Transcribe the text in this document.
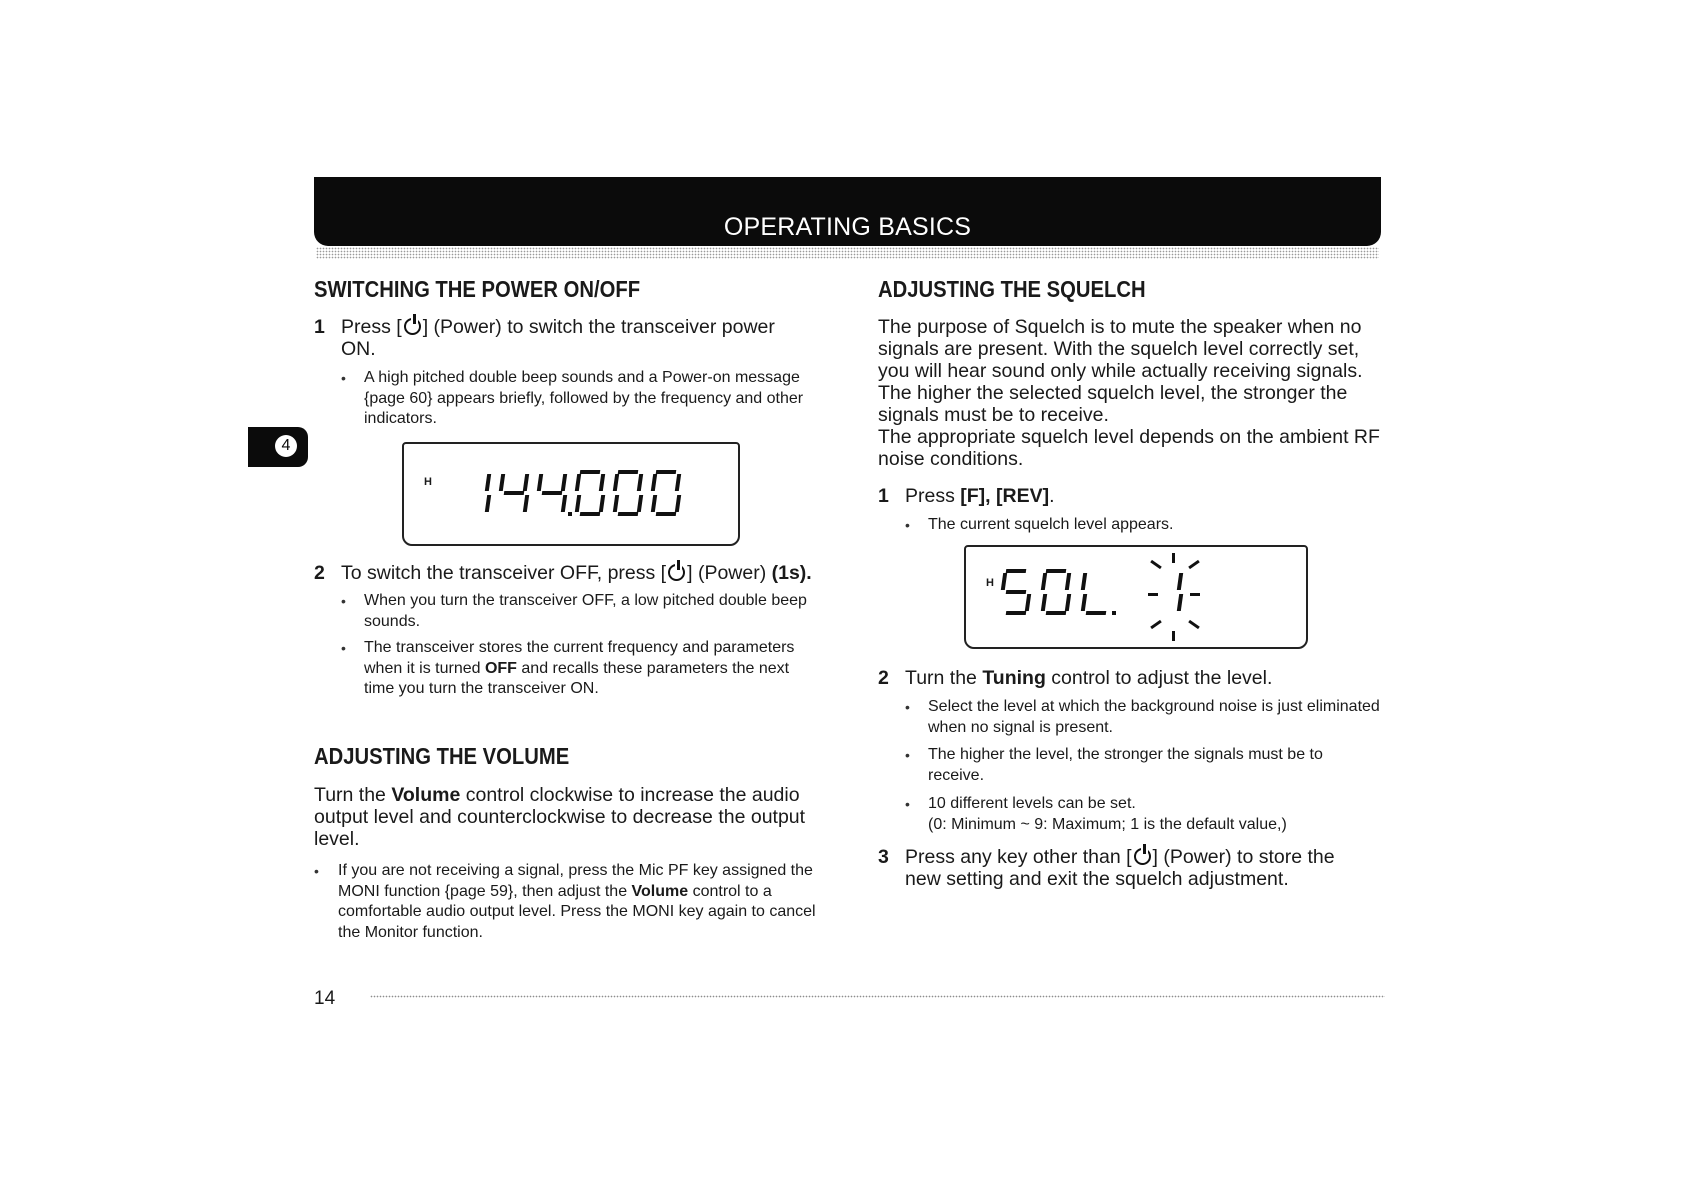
OPERATING BASICS
4
SWITCHING THE POWER ON/OFF
1 Press [ ] (Power) to switch the transceiver power ON.
• A high pitched double beep sounds and a Power-on message {page 60} appears briefly, followed by the frequency and other indicators.
H
2 To switch the transceiver OFF, press [ ] (Power) (1s).
• When you turn the transceiver OFF, a low pitched double beep sounds.
• The transceiver stores the current frequency and parameters when it is turned OFF and recalls these parameters the next time you turn the transceiver ON.
ADJUSTING THE VOLUME
Turn the Volume control clockwise to increase the audio output level and counterclockwise to decrease the output level.
• If you are not receiving a signal, press the Mic PF key assigned the MONI function {page 59}, then adjust the Volume control to a comfortable audio output level. Press the MONI key again to cancel the Monitor function.
ADJUSTING THE SQUELCH
The purpose of Squelch is to mute the speaker when no signals are present. With the squelch level correctly set, you will hear sound only while actually receiving signals. The higher the selected squelch level, the stronger the signals must be to receive.
The appropriate squelch level depends on the ambient RF noise conditions.
1 Press [F], [REV].
• The current squelch level appears.
H
2 Turn the Tuning control to adjust the level.
• Select the level at which the background noise is just eliminated when no signal is present.
• The higher the level, the stronger the signals must be to receive.
• 10 different levels can be set.
(0: Minimum ~ 9: Maximum; 1 is the default value,)
3 Press any key other than [ ] (Power) to store the new setting and exit the squelch adjustment.
14
